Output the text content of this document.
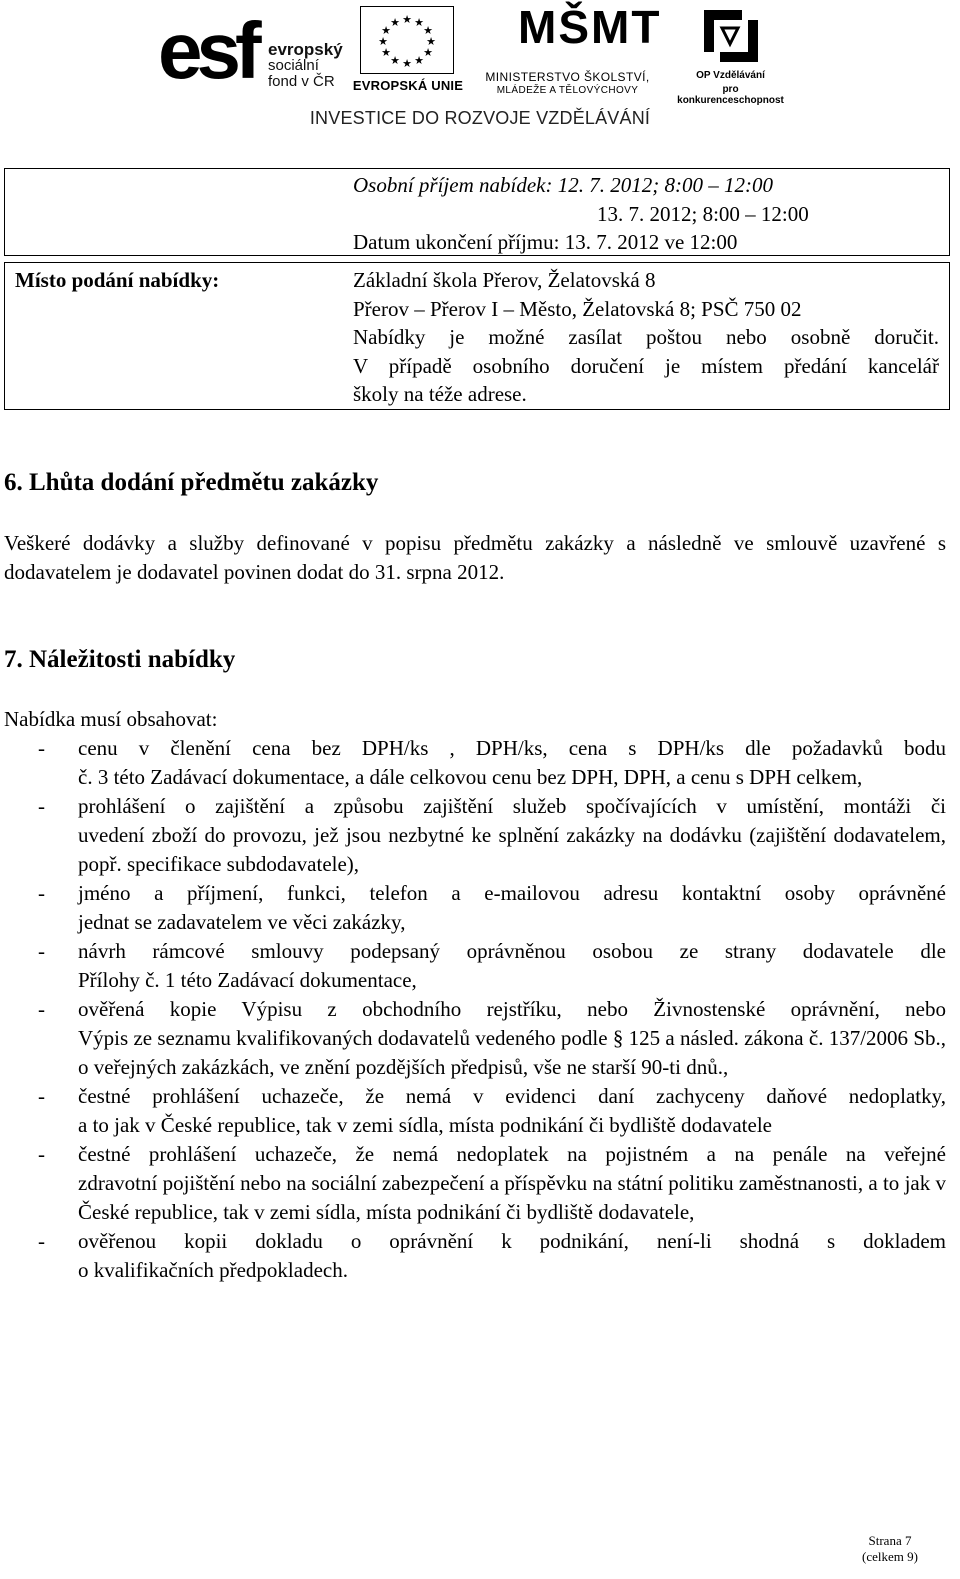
esf evropský
sociální
fond v ČR
★ ★
★
★
★
★
★
★
★
★
★
★
EVROPSKÁ UNIE
MŠMT
MINISTERSTVO ŠKOLSTVÍ,
MLÁDEŽE A TĚLOVÝCHOVY
OP Vzdělávání
pro konkurenceschopnost
INVESTICE DO ROZVOJE VZDĚLÁVÁNÍ
Osobní příjem nabídek: 12. 7. 2012; 8:00 – 12:00
13. 7. 2012; 8:00 – 12:00
Datum ukončení příjmu: 13. 7. 2012 ve 12:00
Místo podání nabídky:	Základní škola Přerov, Želatovská 8
Přerov – Přerov I – Město, Želatovská 8; PSČ 750 02
Nabídky je možné zasílat poštou nebo osobně doručit.
V případě osobního doručení je místem předání kancelář
školy na téže adrese.
6. Lhůta dodání předmětu zakázky
Veškeré dodávky a služby definované v popisu předmětu zakázky a následně ve smlouvě uzavřené s dodavatelem je dodavatel povinen dodat do 31. srpna 2012.
7. Náležitosti nabídky
Nabídka musí obsahovat:
- cenu v členění cena bez DPH/ks , DPH/ks, cena s DPH/ks dle požadavků bodu
č. 3 této Zadávací dokumentace, a dále celkovou cenu bez DPH, DPH, a cenu s DPH celkem,
- prohlášení o zajištění a způsobu zajištění služeb spočívajících v umístění, montáži či
uvedení zboží do provozu, jež jsou nezbytné ke splnění zakázky na dodávku (zajištění dodavatelem, popř. specifikace subdodavatele),
- jméno a příjmení, funkci, telefon a e-mailovou adresu kontaktní osoby oprávněné
jednat se zadavatelem ve věci zakázky,
- návrh rámcové smlouvy podepsaný oprávněnou osobou ze strany dodavatele dle
Přílohy č. 1 této Zadávací dokumentace,
- ověřená kopie Výpisu z obchodního rejstříku, nebo Živnostenské oprávnění, nebo
Výpis ze seznamu kvalifikovaných dodavatelů vedeného podle § 125 a násled. zákona č. 137/2006 Sb., o veřejných zakázkách, ve znění pozdějších předpisů, vše ne starší 90-ti dnů.,
- čestné prohlášení uchazeče, že nemá v evidenci daní zachyceny daňové nedoplatky,
a to jak v České republice, tak v zemi sídla, místa podnikání či bydliště dodavatele
- čestné prohlášení uchazeče, že nemá nedoplatek na pojistném a na penále na veřejné
zdravotní pojištění nebo na sociální zabezpečení a příspěvku na státní politiku zaměstnanosti, a to jak v České republice, tak v zemi sídla, místa podnikání či bydliště dodavatele,
- ověřenou kopii dokladu o oprávnění k podnikání, není-li shodná s dokladem
o kvalifikačních předpokladech.
Strana 7
(celkem 9)
